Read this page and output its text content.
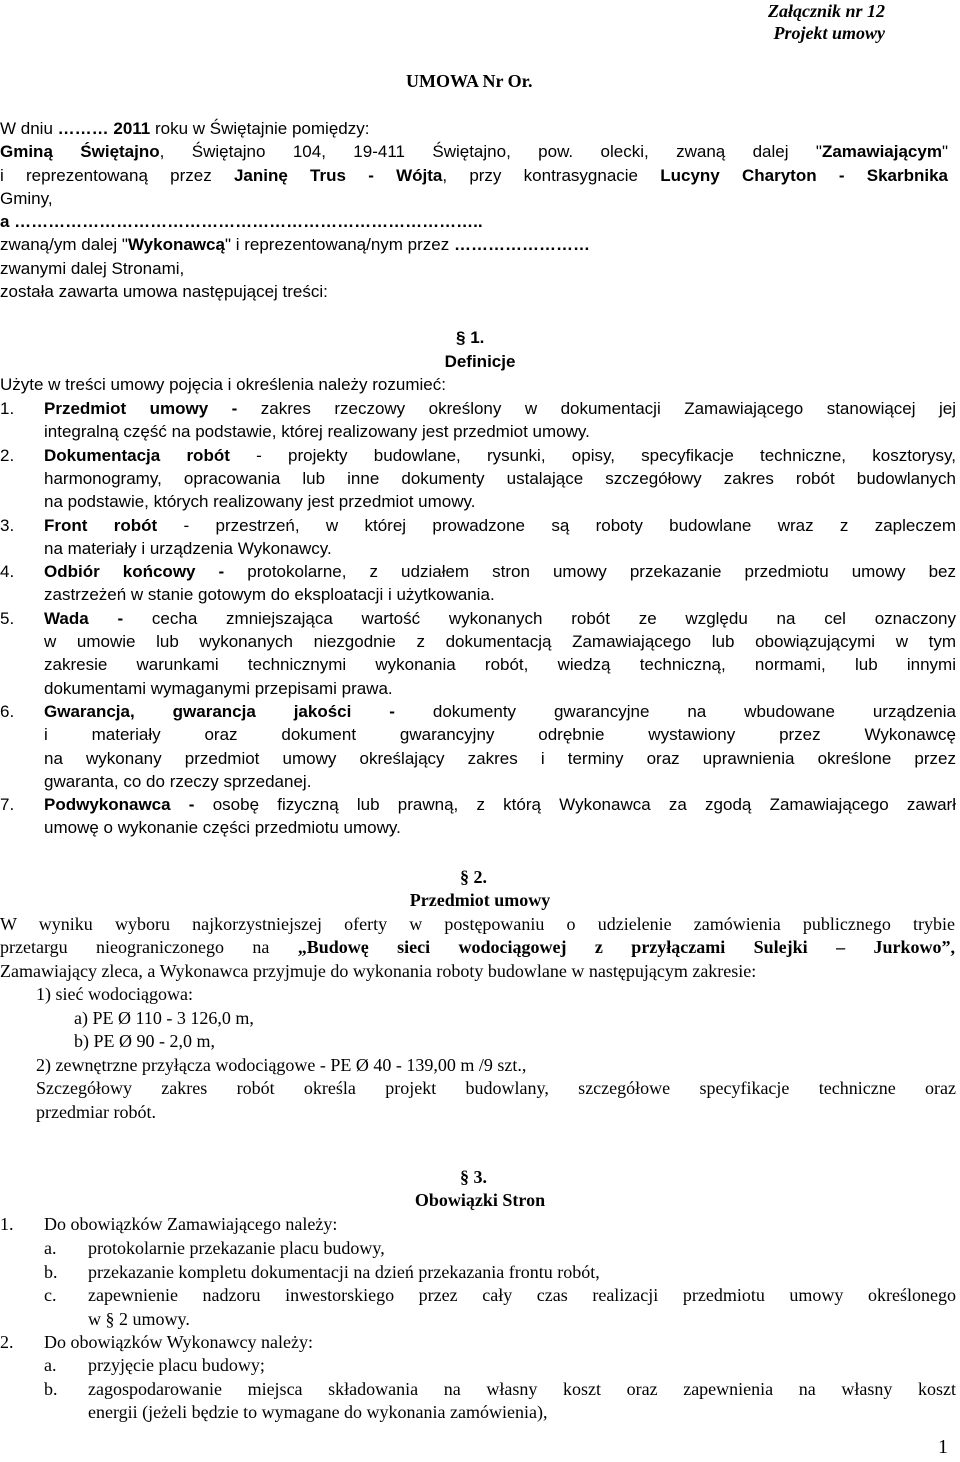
Załącznik nr 12
Projekt umowy
UMOWA Nr Or.
W dniu ……… 2011 roku w Świętajnie pomiędzy:
Gminą Świętajno, Świętajno 104, 19-411 Świętajno, pow. olecki, zwaną dalej "Zamawiającym"
i reprezentowaną przez Janinę Trus - Wójta, przy kontrasygnacie Lucyny Charyton - Skarbnika
Gminy,
a ………………………………………………………………………..
zwaną/ym dalej "Wykonawcą" i reprezentowaną/nym przez ……………………
zwanymi dalej Stronami,
została zawarta umowa następującej treści:
§ 1.
Definicje
Użyte w treści umowy pojęcia i określenia należy rozumieć:
1. Przedmiot umowy - zakres rzeczowy określony w dokumentacji Zamawiającego stanowiącej jej
integralną część na podstawie, której realizowany jest przedmiot umowy.
2. Dokumentacja robót - projekty budowlane, rysunki, opisy, specyfikacje techniczne, kosztorysy,
harmonogramy, opracowania lub inne dokumenty ustalające szczegółowy zakres robót budowlanych
na podstawie, których realizowany jest przedmiot umowy.
3. Front robót - przestrzeń, w której prowadzone są roboty budowlane wraz z zapleczem
na materiały i urządzenia Wykonawcy.
4. Odbiór końcowy - protokolarne, z udziałem stron umowy przekazanie przedmiotu umowy bez
zastrzeżeń w stanie gotowym do eksploatacji i użytkowania.
5. Wada - cecha zmniejszająca wartość wykonanych robót ze względu na cel oznaczony
w umowie lub wykonanych niezgodnie z dokumentacją Zamawiającego lub obowiązującymi w tym
zakresie warunkami technicznymi wykonania robót, wiedzą techniczną, normami, lub innymi
dokumentami wymaganymi przepisami prawa.
6. Gwarancja, gwarancja jakości - dokumenty gwarancyjne na wbudowane urządzenia
i materiały oraz dokument gwarancyjny odrębnie wystawiony przez Wykonawcę
na wykonany przedmiot umowy określający zakres i terminy oraz uprawnienia określone przez
gwaranta, co do rzeczy sprzedanej.
7. Podwykonawca - osobę fizyczną lub prawną, z którą Wykonawca za zgodą Zamawiającego zawarł
umowę o wykonanie części przedmiotu umowy.
§ 2.
Przedmiot umowy
W wyniku wyboru najkorzystniejszej oferty w postępowaniu o udzielenie zamówienia publicznego trybie
przetargu nieograniczonego na „Budowę sieci wodociągowej z przyłączami Sulejki – Jurkowo”,
Zamawiający zleca, a Wykonawca przyjmuje do wykonania roboty budowlane w następującym zakresie:
1) sieć wodociągowa:
a) PE Ø 110 - 3 126,0 m,
b) PE Ø 90 - 2,0 m,
2) zewnętrzne przyłącza wodociągowe - PE Ø 40 - 139,00 m /9 szt.,
Szczegółowy zakres robót określa projekt budowlany, szczegółowe specyfikacje techniczne oraz
przedmiar robót.
§ 3.
Obowiązki Stron
1. Do obowiązków Zamawiającego należy:
2. Do obowiązków Wykonawcy należy:
a. protokolarnie przekazanie placu budowy,
b. przekazanie kompletu dokumentacji na dzień przekazania frontu robót,
c. zapewnienie nadzoru inwestorskiego przez cały czas realizacji przedmiotu umowy określonego
w § 2 umowy.
a. przyjęcie placu budowy;
b. zagospodarowanie miejsca składowania na własny koszt oraz zapewnienia na własny koszt
energii (jeżeli będzie to wymagane do wykonania zamówienia),
1
